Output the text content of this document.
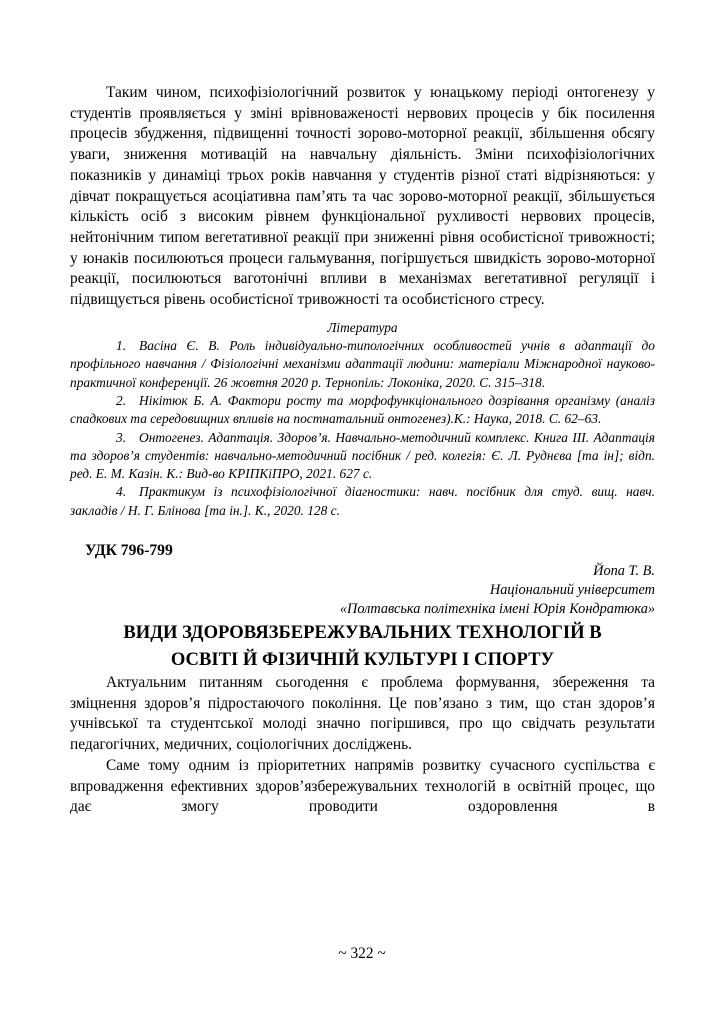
Таким чином, психофізіологічний розвиток у юнацькому періоді онтогенезу у студентів проявляється у зміні врівноваженості нервових процесів у бік посилення процесів збудження, підвищенні точності зорово-моторної реакції, збільшення обсягу уваги, зниження мотивацій на навчальну діяльність. Зміни психофізіологічних показників у динаміці трьох років навчання у студентів різної статі відрізняються: у дівчат покращується асоціативна пам’ять та час зорово-моторної реакції, збільшується кількість осіб з високим рівнем функціональної рухливості нервових процесів, нейтонічним типом вегетативної реакції при зниженні рівня особистісної тривожності; у юнаків посилюються процеси гальмування, погіршується швидкість зорово-моторної реакції, посилюються ваготонічні впливи в механізмах вегетативної регуляції і підвищується рівень особистісної тривожності та особистісного стресу.

Література

1. Васіна Є. В. Роль індивідуально-типологічних особливостей учнів в адаптації до профільного навчання / Фізіологічні механізми адаптації людини: матеріали Міжнародної науково-практичної конференції. 26 жовтня 2020 р. Тернопіль: Локоніка, 2020. С. 315–318.

2. Нікітюк Б. А. Фактори росту та морфофункціонального дозрівання організму (аналіз спадкових та середовищних впливів на постнатальний онтогенез).К.: Наука, 2018. С. 62–63.

3. Онтогенез. Адаптація. Здоров’я. Навчально-методичний комплекс. Книга ІІІ. Адаптація та здоров’я студентів: навчально-методичний посібник / ред. колегія: Є. Л. Руднєва [та ін]; відп. ред. Е. М. Казін. К.: Вид-во КРІПКіПРО, 2021. 627 с.

4. Практикум із психофізіологічної діагностики: навч. посібник для студ. вищ. навч. закладів / Н. Г. Блінова [та ін.]. К., 2020. 128 с.

УДК 796-799

Йопа Т. В.
Національний університет
«Полтавська політехніка імені Юрія Кондратюка»
ВИДИ ЗДОРОВЯЗБЕРЕЖУВАЛЬНИХ ТЕХНОЛОГІЙ В ОСВІТІ Й ФІЗИЧНІЙ КУЛЬТУРІ І СПОРТУ

Актуальним питанням сьогодення є проблема формування, збереження та зміцнення здоров’я підростаючого покоління. Це пов’язано з тим, що стан здоров’я учнівської та студентської молоді значно погіршився, про що свідчать результати педагогічних, медичних, соціологічних досліджень.

Саме тому одним із пріоритетних напрямів розвитку сучасного суспільства є впровадження ефективних здоров’язбережувальних технологій в освітній процес, що дає змогу проводити оздоровлення в

~ 322 ~
